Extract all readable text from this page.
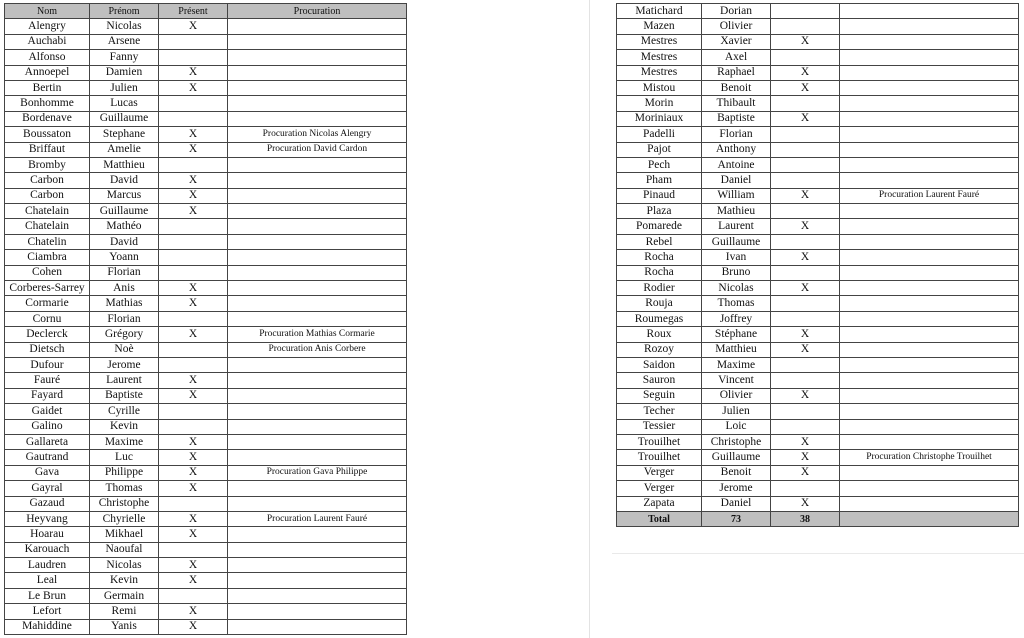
Nom	Prénom	Présent	Procuration
Alengry	Nicolas	X	
Auchabi	Arsene		
Alfonso	Fanny		
Annoepel	Damien	X	
Bertin	Julien	X	
Bonhomme	Lucas		
Bordenave	Guillaume		
Boussaton	Stephane	X	Procuration Nicolas Alengry
Briffaut	Amelie	X	Procuration David Cardon
Bromby	Matthieu		
Carbon	David	X	
Carbon	Marcus	X	
Chatelain	Guillaume	X	
Chatelain	Mathéo		
Chatelin	David		
Ciambra	Yoann		
Cohen	Florian		
Corberes-Sarrey	Anis	X	
Cormarie	Mathias	X	
Cornu	Florian		
Declerck	Grégory	X	Procuration Mathias Cormarie
Dietsch	Noè		Procuration Anis Corbere
Dufour	Jerome		
Fauré	Laurent	X	
Fayard	Baptiste	X	
Gaidet	Cyrille		
Galino	Kevin		
Gallareta	Maxime	X	
Gautrand	Luc	X	
Gava	Philippe	X	Procuration Gava Philippe
Gayral	Thomas	X	
Gazaud	Christophe		
Heyvang	Chyrielle	X	Procuration Laurent Fauré
Hoarau	Mikhael	X	
Karouach	Naoufal		
Laudren	Nicolas	X	
Leal	Kevin	X	
Le Brun	Germain		
Lefort	Remi	X	
Mahiddine	Yanis	X	
Matichard	Dorian		
Mazen	Olivier		
Mestres	Xavier	X	
Mestres	Axel		
Mestres	Raphael	X	
Mistou	Benoit	X	
Morin	Thibault		
Moriniaux	Baptiste	X	
Padelli	Florian		
Pajot	Anthony		
Pech	Antoine		
Pham	Daniel		
Pinaud	William	X	Procuration Laurent Fauré
Plaza	Mathieu		
Pomarede	Laurent	X	
Rebel	Guillaume		
Rocha	Ivan	X	
Rocha	Bruno		
Rodier	Nicolas	X	
Rouja	Thomas		
Roumegas	Joffrey		
Roux	Stéphane	X	
Rozoy	Matthieu	X	
Saidon	Maxime		
Sauron	Vincent		
Seguin	Olivier	X	
Techer	Julien		
Tessier	Loic		
Trouilhet	Christophe	X	
Trouilhet	Guillaume	X	Procuration Christophe Trouilhet
Verger	Benoit	X	
Verger	Jerome		
Zapata	Daniel	X	
Total	73	38	
